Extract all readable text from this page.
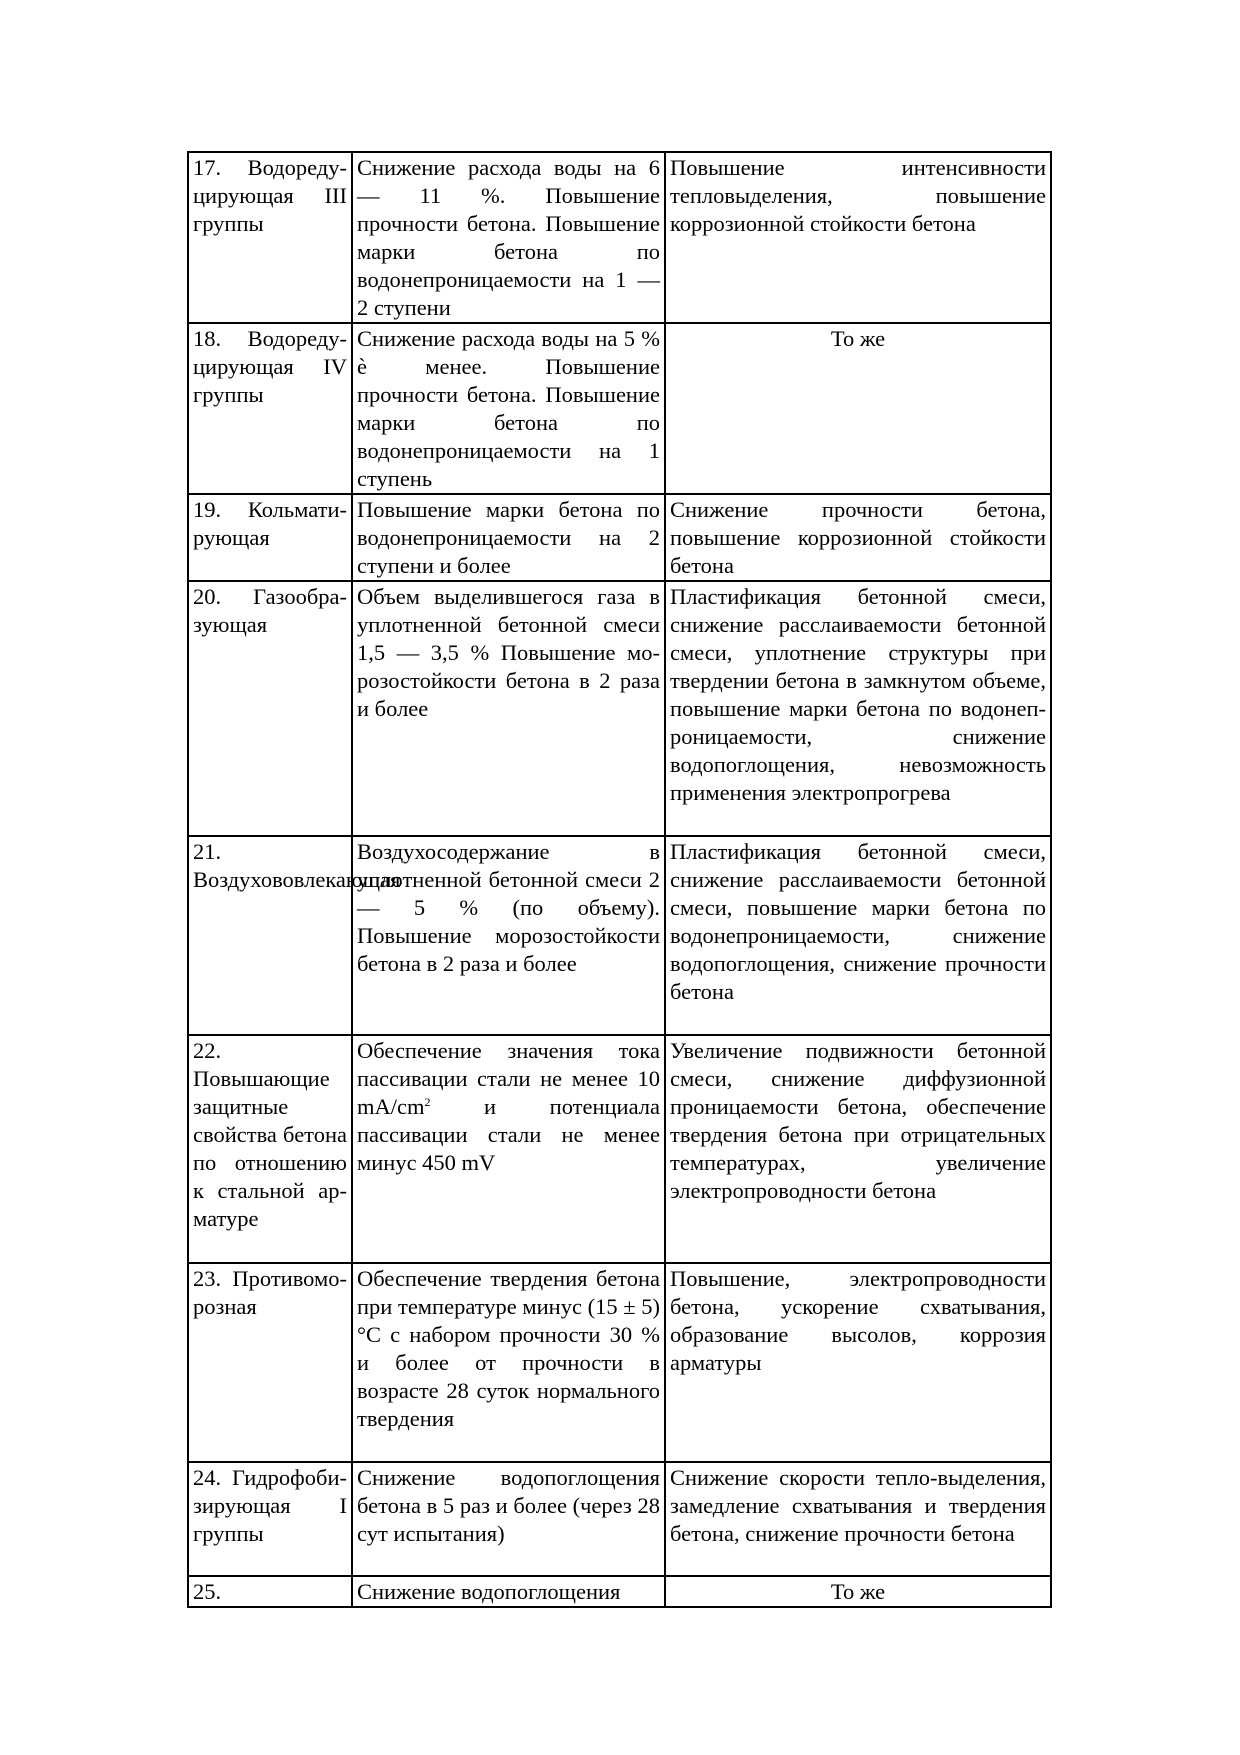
17. Водореду-цирующая III группы	Снижение расхода воды на 6 — 11 %. Повышение прочности бетона. Повышение марки бетона по водонепроницаемости на 1 — 2 ступени	Повышение интенсивности тепловыделения, повышение коррозионной стойкости бетона
18. Водореду-цирующая IV группы	Снижение расхода воды на 5 % è менее. Повышение прочности бетона. Повышение марки бетона по водонепроницаемости на 1 ступень	То же
19. Кольмати-рующая	Повышение марки бетона по водонепроницаемости на 2 ступени и более	Снижение прочности бетона, повышение коррозионной стойкости бетона
20. Газообра-зующая	Объем выделившегося газа в уплотненной бетонной смеси 1,5 — 3,5 % Повышение мо-розостойкости бетона в 2 раза и более	Пластификация бетонной смеси, снижение расслаиваемости бетонной смеси, уплотнение структуры при твердении бетона в замкнутом объеме, повышение марки бетона по водонеп-роницаемости, снижение водопоглощения, невозможность применения электропрогрева
21. Воздухововлекающая	Воздухосодержание в уплотненной бетонной смеси 2 — 5 % (по объему). Повышение морозостойкости бетона в 2 раза и более	Пластификация бетонной смеси, снижение расслаиваемости бетонной смеси, повышение марки бетона по водонепроницаемости, снижение водопоглощения, снижение прочности бетона
22. Повышающие защитные свойства бетона по отношению к стальной ар-матуре	Обеспечение значения тока пассивации стали не менее 10 $mA/cm^2$ и потенциала пассивации стали не менее минус 450 mV	Увеличение подвижности бетонной смеси, снижение диффузионной проницаемости бетона, обеспечение твердения бетона при отрицательных температурах, увеличение электропроводности бетона
23. Противомо-розная	Обеспечение твердения бетона при температуре минус (15 ± 5)°С с набором прочности 30 % и более от прочности в возрасте 28 суток нормального твердения	Повышение, электропроводности бетона, ускорение схватывания, образование высолов, коррозия арматуры
24. Гидрофоби-зирующая I группы	Снижение водопоглощения бетона в 5 раз и более (через 28 сут испытания)	Снижение скорости тепло-выделения, замедление схватывания и твердения бетона, снижение прочности бетона
25.	Снижение водопоглощения	То же
